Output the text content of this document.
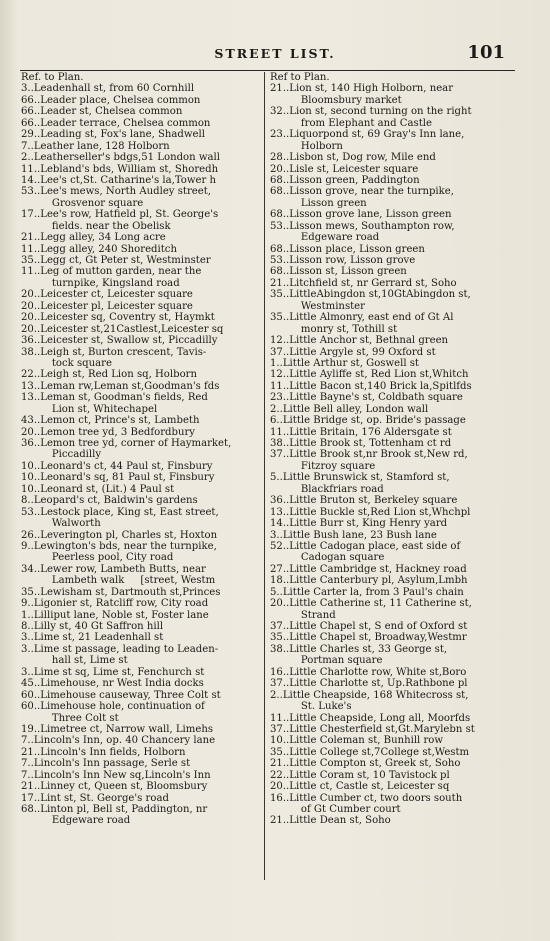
STREET LIST.	101
Ref. to Plan.
3..Leadenhall st, from 60 Cornhill
66..Leader place, Chelsea common
66..Leader st, Chelsea common
66..Leader terrace, Chelsea common
29..Leading st, Fox's lane, Shadwell
7..Leather lane, 128 Holborn
2..Leatherseller's bdgs,51 London wall
11..Lebland's bds, William st, Shoredh
14..Lee's ct,St. Catharine's la,Tower h
53..Lee's mews, North Audley street,
Grosvenor square
17..Lee's row, Hatfield pl, St. George's
fields. near the Obelisk
21..Legg alley, 34 Long acre
11..Legg alley, 240 Shoreditch
35..Legg ct, Gt Peter st, Westminster
11..Leg of mutton garden, near the
turnpike, Kingsland road
20..Leicester ct, Leicester square
20..Leicester pl, Leicester square
20..Leicester sq, Coventry st, Haymkt
20..Leicester st,21Castlest,Leicester sq
36..Leicester st, Swallow st, Piccadilly
38..Leigh st, Burton crescent, Tavis-
tock square
22..Leigh st, Red Lion sq, Holborn
13..Leman rw,Leman st,Goodman's fds
13..Leman st, Goodman's fields, Red
Lion st, Whitechapel
43..Lemon ct, Prince's st, Lambeth
20..Lemon tree yd, 3 Bedfordbury
36..Lemon tree yd, corner of Haymarket,
Piccadilly
10..Leonard's ct, 44 Paul st, Finsbury
10..Leonard's sq, 81 Paul st, Finsbury
10..Leonard st, (Lit.) 4 Paul st
8..Leopard's ct, Baldwin's gardens
53..Lestock place, King st, East street,
Walworth
26..Leverington pl, Charles st, Hoxton
9..Lewington's bds, near the turnpike,
Peerless pool, City road
34..Lewer row, Lambeth Butts, near
Lambeth walk     [street, Westm
35..Lewisham st, Dartmouth st,Princes
9..Ligonier st, Ratcliff row, City road
1..Lilliput lane, Noble st, Foster lane
8..Lilly st, 40 Gt Saffron hill
3..Lime st, 21 Leadenhall st
3..Lime st passage, leading to Leaden-
hall st, Lime st
3..Lime st sq, Lime st, Fenchurch st
45..Limehouse, nr West India docks
60..Limehouse causeway, Three Colt st
60..Limehouse hole, continuation of
Three Colt st
19..Limetree ct, Narrow wall, Limehs
7..Lincoln's Inn, op. 40 Chancery lane
21..Lincoln's Inn fields, Holborn
7..Lincoln's Inn passage, Serle st
7..Lincoln's Inn New sq,Lincoln's Inn
21..Linney ct, Queen st, Bloomsbury
17..Lint st, St. George's road
68..Linton pl, Bell st, Paddington, nr
Edgeware road
Ref to Plan.
21..Lion st, 140 High Holborn, near
Bloomsbury market
32..Lion st, second turning on the right
from Elephant and Castle
23..Liquorpond st, 69 Gray's Inn lane,
Holborn
28..Lisbon st, Dog row, Mile end
20..Lisle st, Leicester square
68..Lisson green, Paddington
68..Lisson grove, near the turnpike,
Lisson green
68..Lisson grove lane, Lisson green
53..Lisson mews, Southampton row,
Edgeware road
68..Lisson place, Lisson green
53..Lisson row, Lisson grove
68..Lisson st, Lisson green
21..Litchfield st, nr Gerrard st, Soho
35..LittleAbingdon st,10GtAbingdon st,
Westminster
35..Little Almonry, east end of Gt Al
monry st, Tothill st
12..Little Anchor st, Bethnal green
37..Little Argyle st, 99 Oxford st
1..Little Arthur st, Goswell st
12..Little Ayliffe st, Red Lion st,Whitch
11..Little Bacon st,140 Brick la,Spitlfds
23..Little Bayne's st, Coldbath square
2..Little Bell alley, London wall
6..Little Bridge st, op. Bride's passage
11..Little Britain, 176 Aldersgate st
38..Little Brook st, Tottenham ct rd
37..Little Brook st,nr Brook st,New rd,
Fitzroy square
5..Little Brunswick st, Stamford st,
Blackfriars road
36..Little Bruton st, Berkeley square
13..Little Buckle st,Red Lion st,Whchpl
14..Little Burr st, King Henry yard
3..Little Bush lane, 23 Bush lane
52..Little Cadogan place, east side of
Cadogan square
27..Little Cambridge st, Hackney road
18..Little Canterbury pl, Asylum,Lmbh
5..Little Carter la, from 3 Paul's chain
20..Little Catherine st, 11 Catherine st,
Strand
37..Little Chapel st, S end of Oxford st
35..Little Chapel st, Broadway,Westmr
38..Little Charles st, 33 George st,
Portman square
16..Little Charlotte row, White st,Boro
37..Little Charlotte st, Up.Rathbone pl
2..Little Cheapside, 168 Whitecross st,
St. Luke's
11..Little Cheapside, Long all, Moorfds
37..Little Chesterfield st,Gt.Marylebn st
10..Little Coleman st, Bunhill row
35..Little College st,7College st,Westm
21..Little Compton st, Greek st, Soho
22..Little Coram st, 10 Tavistock pl
20..Little ct, Castle st, Leicester sq
16..Little Cumber ct, two doors south
of Gt Cumber court
21..Little Dean st, Soho
